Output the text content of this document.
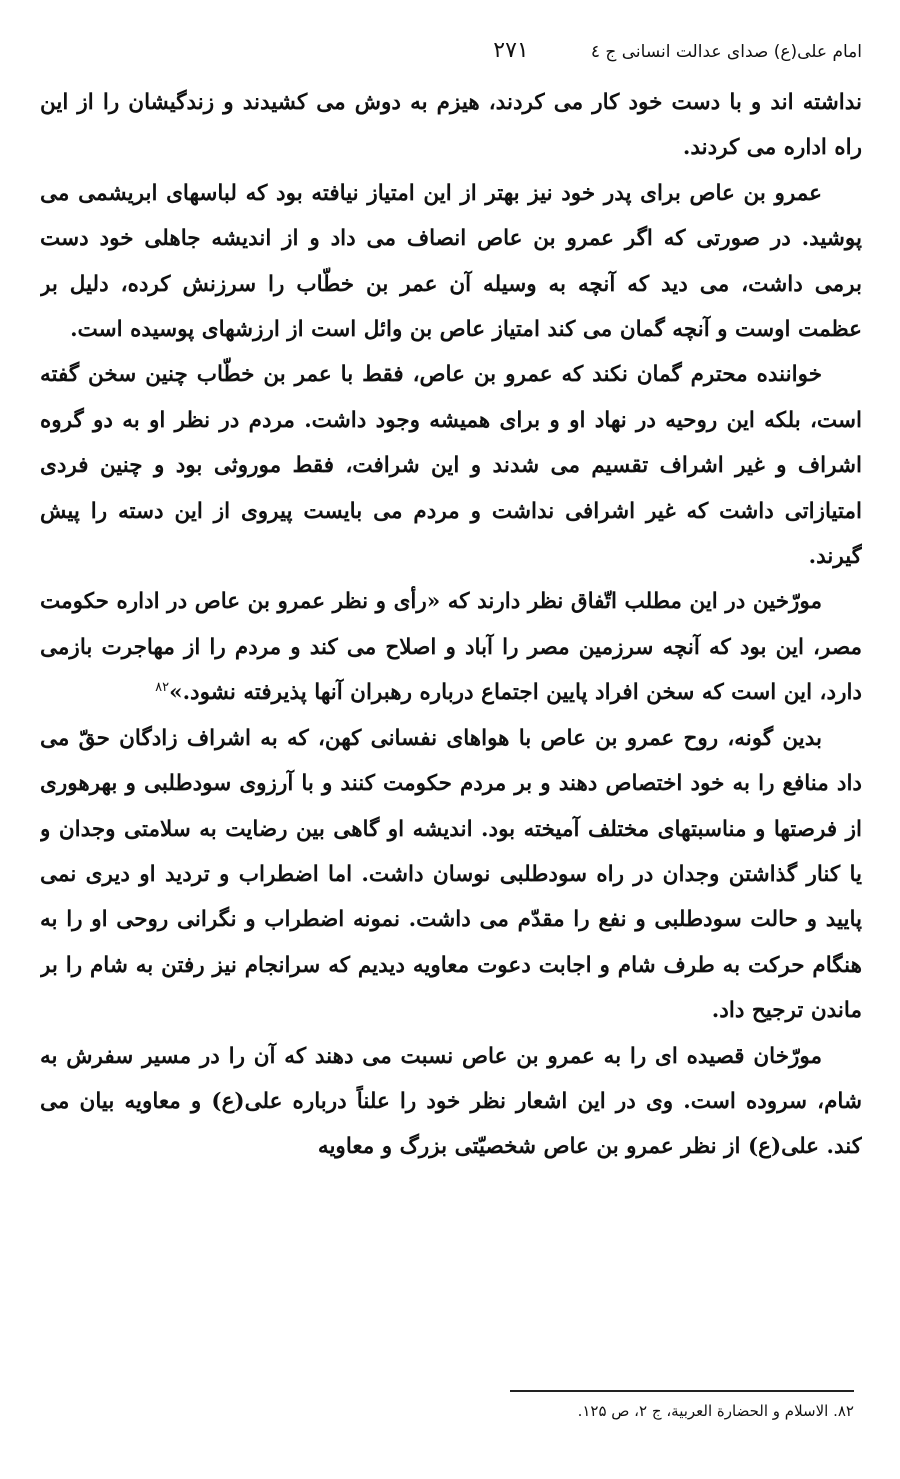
امام علی(ع) صدای عدالت انسانی ج ٤
۲۷۱

نداشته اند و با دست خود کار می کردند، هیزم به دوش می کشیدند و زندگیشان را از این راه اداره می کردند.

عمرو بن عاص برای پدر خود نیز بهتر از این امتیاز نیافته بود که لباسهای ابریشمی می پوشید. در صورتی که اگر عمرو بن عاص انصاف می داد و از اندیشه جاهلی خود دست برمی داشت، می دید که آنچه به وسیله آن عمر بن خطّاب را سرزنش کرده، دلیل بر عظمت اوست و آنچه گمان می کند امتیاز عاص بن وائل است از ارزشهای پوسیده است.

خواننده محترم گمان نکند که عمرو بن عاص، فقط با عمر بن خطّاب چنین سخن گفته است، بلکه این روحیه در نهاد او و برای همیشه وجود داشت. مردم در نظر او به دو گروه اشراف و غیر اشراف تقسیم می شدند و این شرافت، فقط موروثی بود و چنین فردی امتیازاتی داشت که غیر اشرافی نداشت و مردم می بایست پیروی از این دسته را پیش گیرند.

مورّخین در این مطلب اتّفاق نظر دارند که «رأی و نظر عمرو بن عاص در اداره حکومت مصر، این بود که آنچه سرزمین مصر را آباد و اصلاح می کند و مردم را از مهاجرت بازمی دارد، این است که سخن افراد پایین اجتماع درباره رهبران آنها پذیرفته نشود.»$^{۸۲}$

بدین گونه، روح عمرو بن عاص با هواهای نفسانی کهن، که به اشراف زادگان حقّ می داد منافع را به خود اختصاص دهند و بر مردم حکومت کنند و با آرزوی سودطلبی و بهرهوری از فرصتها و مناسبتهای مختلف آمیخته بود. اندیشه او گاهی بین رضایت به سلامتی وجدان و یا کنار گذاشتن وجدان در راه سودطلبی نوسان داشت. اما اضطراب و تردید او دیری نمی پایید و حالت سودطلبی و نفع را مقدّم می داشت. نمونه اضطراب و نگرانی روحی او را به هنگام حرکت به طرف شام و اجابت دعوت معاویه دیدیم که سرانجام نیز رفتن به شام را بر ماندن ترجیح داد.

مورّخان قصیده ای را به عمرو بن عاص نسبت می دهند که آن را در مسیر سفرش به شام، سروده است. وی در این اشعار نظر خود را علناً درباره علی(ع) و معاویه بیان می کند. علی(ع) از نظر عمرو بن عاص شخصیّتی بزرگ و معاویه

۸۲. الاسلام و الحضارة العربیة، ج ۲، ص ۱۲۵.
